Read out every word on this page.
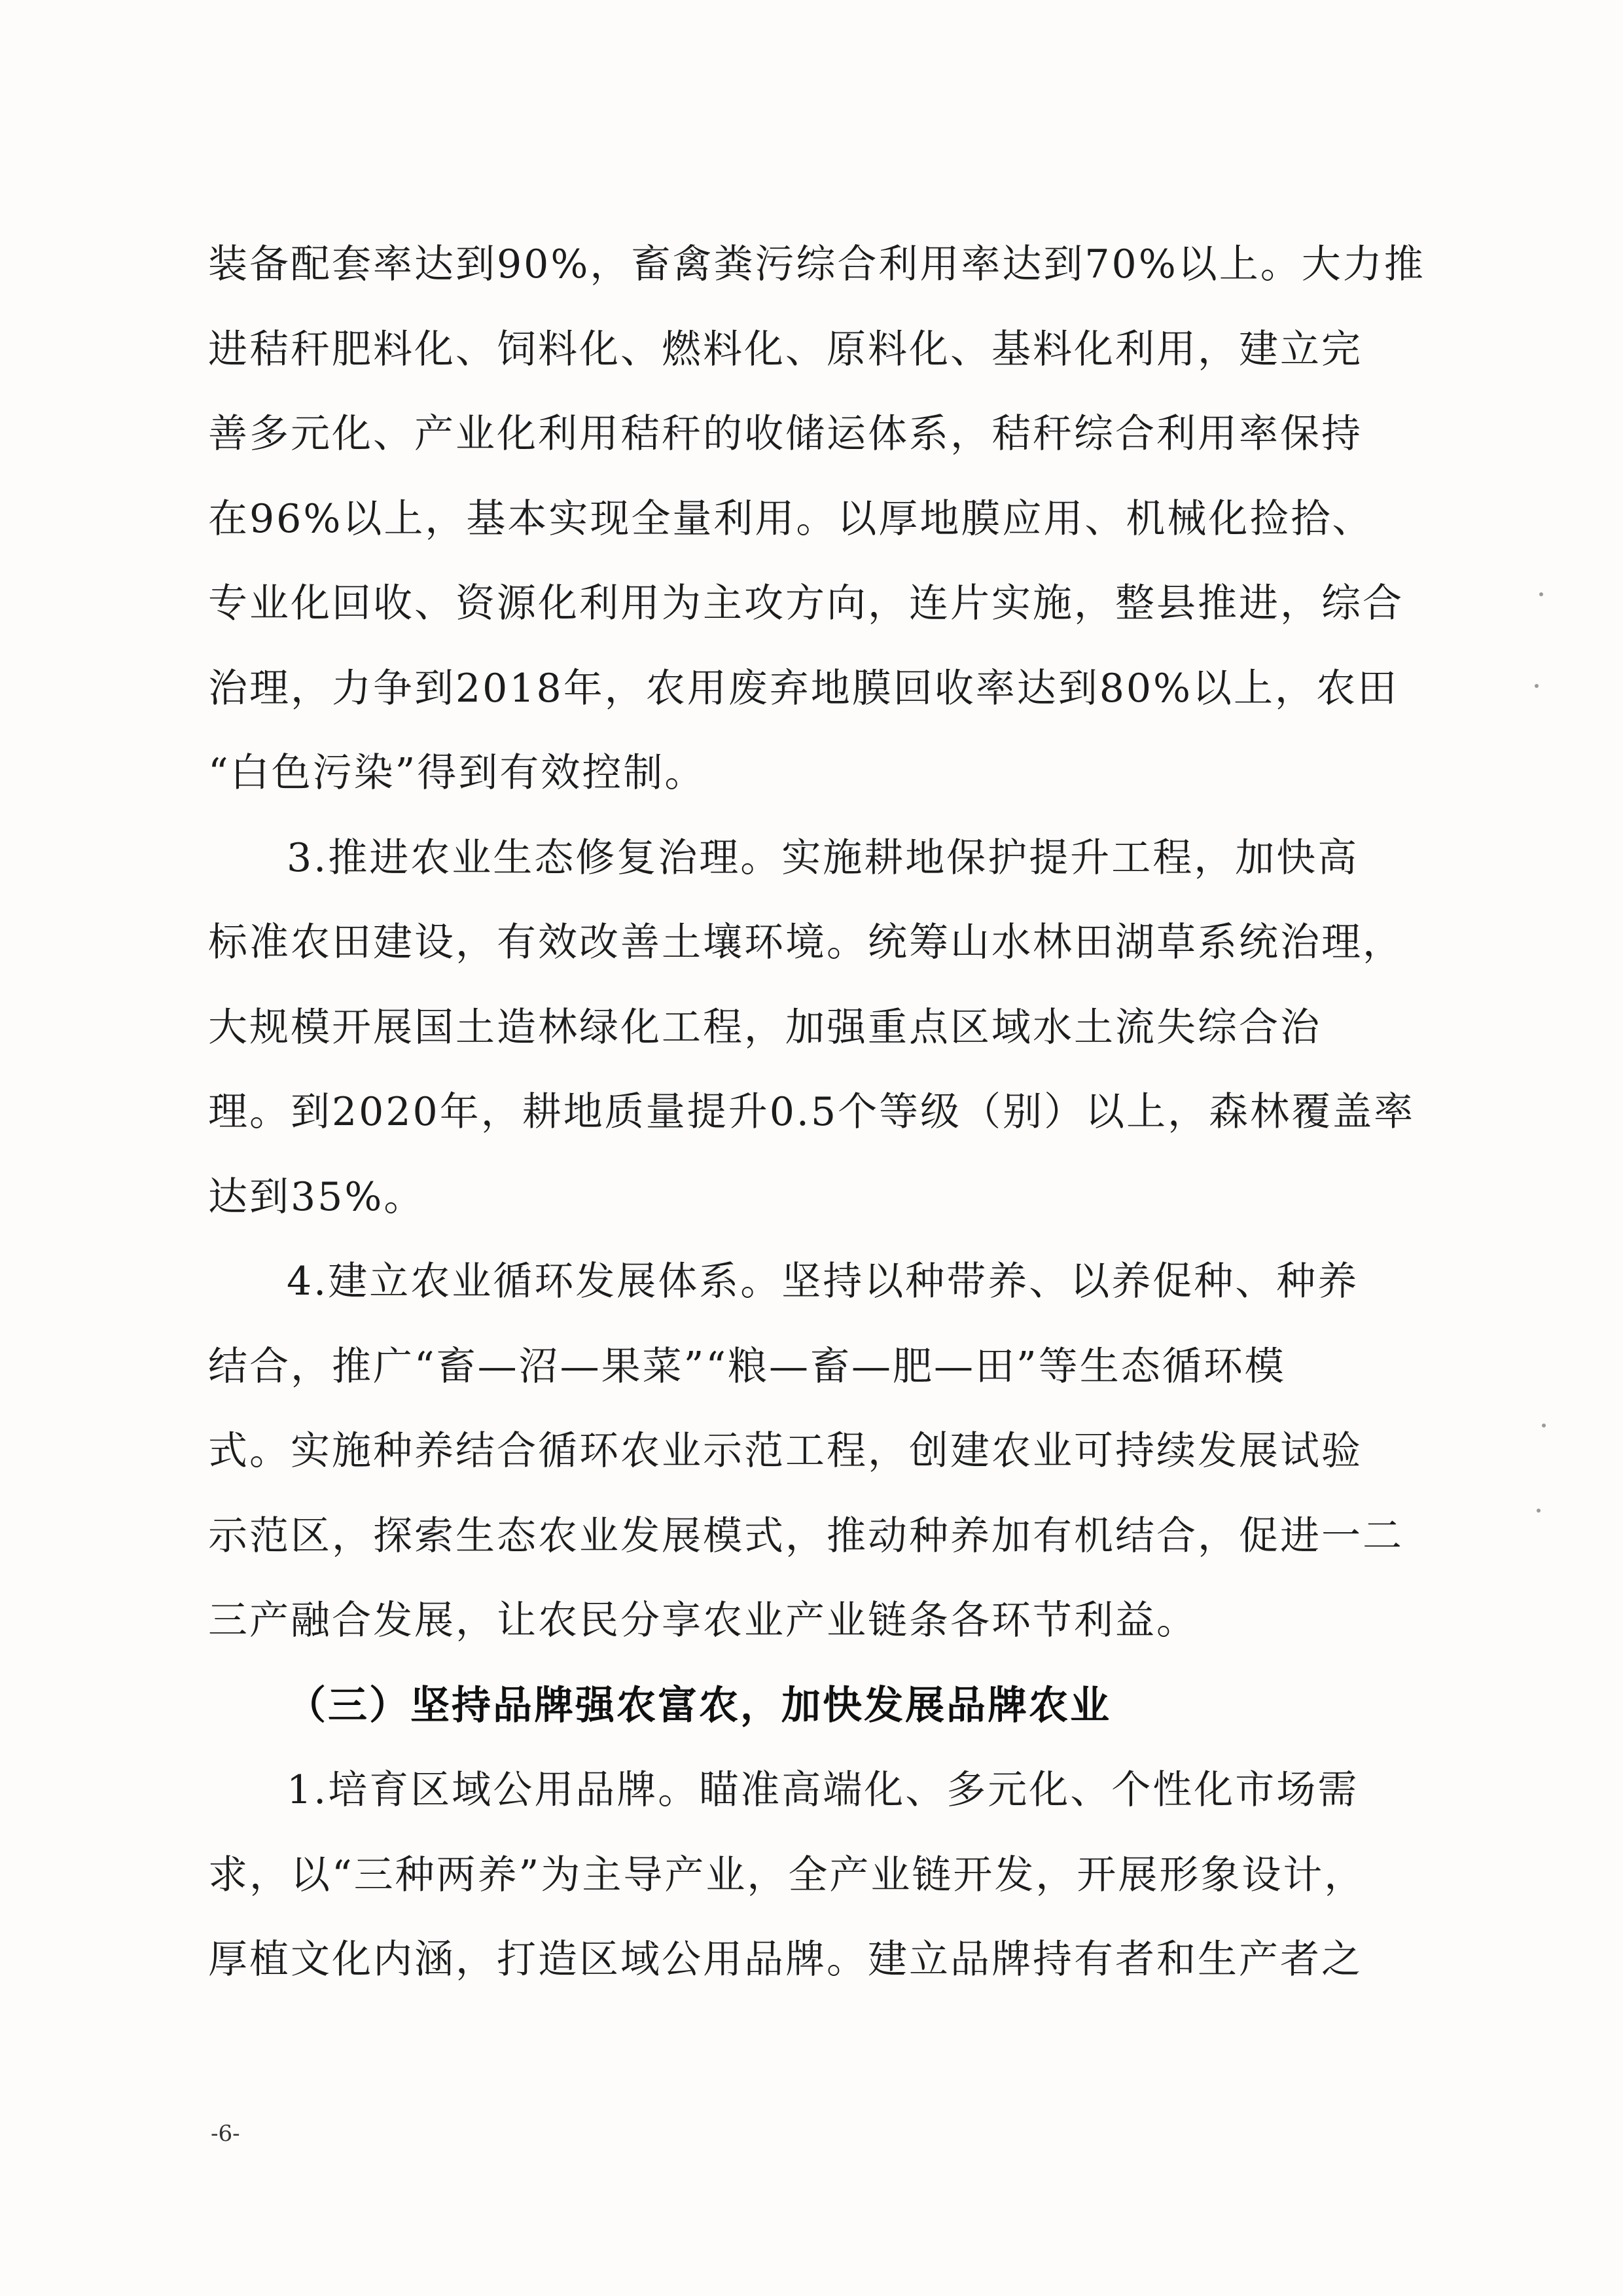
装备配套率达到90%，畜禽粪污综合利用率达到70%以上。大力推
进秸秆肥料化、饲料化、燃料化、原料化、基料化利用，建立完
善多元化、产业化利用秸秆的收储运体系，秸秆综合利用率保持
在96%以上，基本实现全量利用。以厚地膜应用、机械化捡拾、
专业化回收、资源化利用为主攻方向，连片实施，整县推进，综合
治理，力争到2018年，农用废弃地膜回收率达到80%以上，农田
“白色污染”得到有效控制。
3.推进农业生态修复治理。实施耕地保护提升工程，加快高
标准农田建设，有效改善土壤环境。统筹山水林田湖草系统治理，
大规模开展国土造林绿化工程，加强重点区域水土流失综合治
理。到2020年，耕地质量提升0.5个等级（别）以上，森林覆盖率
达到35%。
4.建立农业循环发展体系。坚持以种带养、以养促种、种养
结合，推广“畜—沼—果菜”“粮—畜—肥—田”等生态循环模
式。实施种养结合循环农业示范工程，创建农业可持续发展试验
示范区，探索生态农业发展模式，推动种养加有机结合，促进一二
三产融合发展，让农民分享农业产业链条各环节利益。
（三）坚持品牌强农富农，加快发展品牌农业
1.培育区域公用品牌。瞄准高端化、多元化、个性化市场需
求，以“三种两养”为主导产业，全产业链开发，开展形象设计，
厚植文化内涵，打造区域公用品牌。建立品牌持有者和生产者之
-6-
